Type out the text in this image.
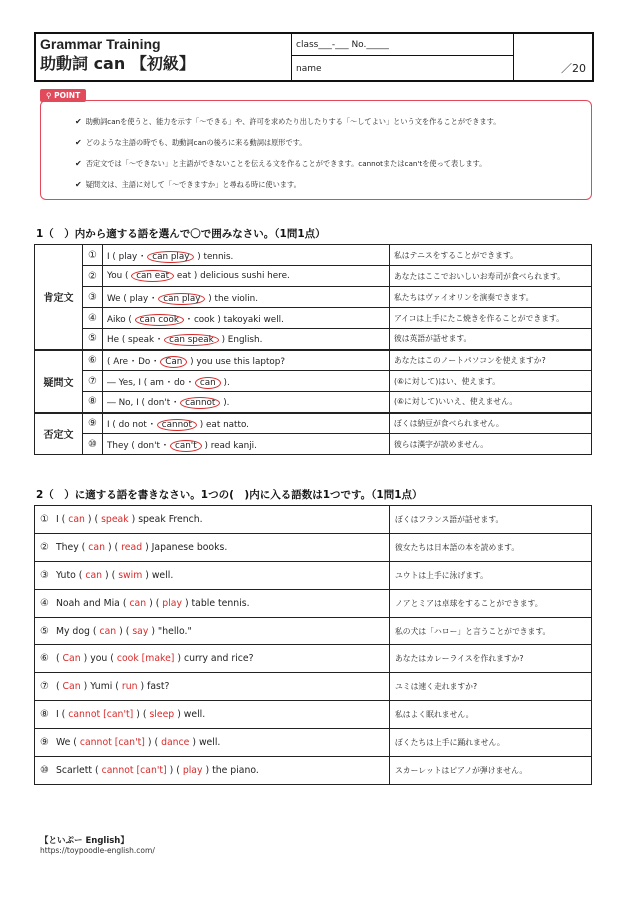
Grammar Training
助動詞 can 【初級】
class___-___ No._____
name	／20
⚲ POINT
✔ 助動詞canを使うと、能力を示す「～できる」や、許可を求めたり出したりする「～してよい」という文を作ることができます。
✔ どのような主語の時でも、助動詞canの後ろに来る動詞は原形です。
✔ 否定文では「～できない」と主語ができないことを伝える文を作ることができます。cannotまたはcan'tを使って表します。
✔ 疑問文は、主語に対して「～できますか」と尋ねる時に使います。
1（　）内から適する語を選んで〇で囲みなさい。（1問1点）
肯定文	①	I ( play ･ can play ) tennis.	私はテニスをすることができます。
	②	You ( can eat eat ) delicious sushi here.	あなたはここでおいしいお寿司が食べられます。
	③	We ( play ･ can play ) the violin.	私たちはヴァイオリンを演奏できます。
	④	Aiko ( can cook ･ cook ) takoyaki well.	アイコは上手にたこ焼きを作ることができます。
	⑤	He ( speak ･ can speak ) English.	彼は英語が話せます。
疑問文	⑥	( Are ･ Do ･ Can ) you use this laptop?	あなたはこのノートパソコンを使えますか?
	⑦	― Yes, I ( am ･ do ･ can ).	(⑥に対して)はい、使えます。
	⑧	― No, I ( don't ･ cannot ).	(⑥に対して)いいえ、使えません。
否定文	⑨	I ( do not ･ cannot ) eat natto.	ぼくは納豆が食べられません。
	⑩	They ( don't ･ can't ) read kanji.	彼らは漢字が読めません。
2（　）に適する語を書きなさい。1つの(　)内に入る語数は1つです。（1問1点）
① I ( can ) ( speak ) speak French.	ぼくはフランス語が話せます。
② They ( can ) ( read ) Japanese books.	彼女たちは日本語の本を読めます。
③ Yuto ( can ) ( swim ) well.	ユウトは上手に泳げます。
④ Noah and Mia ( can ) ( play ) table tennis.	ノアとミアは卓球をすることができます。
⑤ My dog ( can ) ( say ) "hello."	私の犬は「ハロー」と言うことができます。
⑥ ( Can ) you ( cook [make] ) curry and rice?	あなたはカレーライスを作れますか?
⑦ ( Can ) Yumi ( run ) fast?	ユミは速く走れますか?
⑧ I ( cannot [can't] ) ( sleep ) well.	私はよく眠れません。
⑨ We ( cannot [can't] ) ( dance ) well.	ぼくたちは上手に踊れません。
⑩ Scarlett ( cannot [can't] ) ( play ) the piano.	スカーレットはピアノが弾けません。
【といぷー English】
https://toypoodle-english.com/
